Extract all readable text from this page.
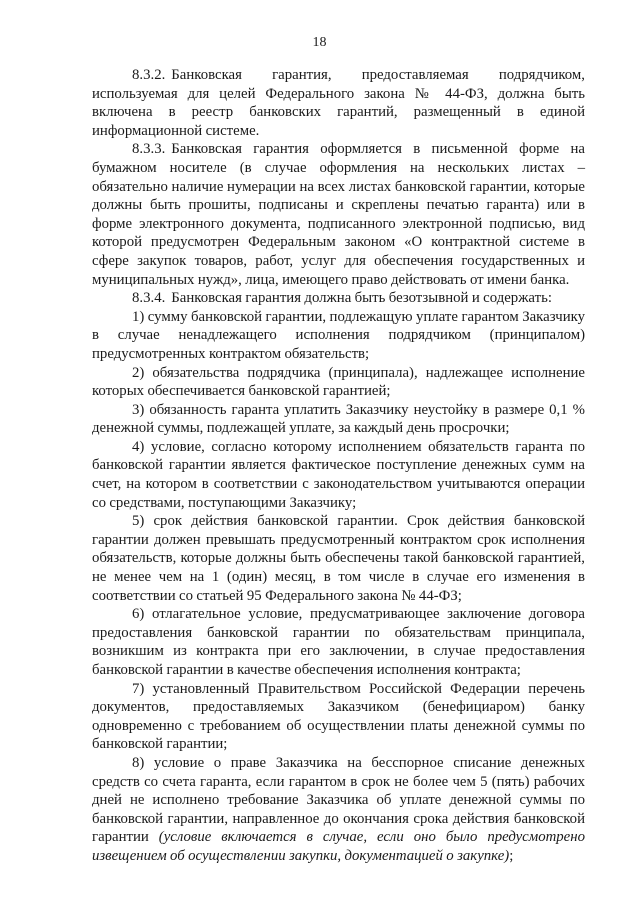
18

8.3.2. Банковская гарантия, предоставляемая подрядчиком, используемая для целей Федерального закона № 44-ФЗ, должна быть включена в реестр банковских гарантий, размещенный в единой информационной системе.

8.3.3. Банковская гарантия оформляется в письменной форме на бумажном носителе (в случае оформления на нескольких листах – обязательно наличие нумерации на всех листах банковской гарантии, которые должны быть прошиты, подписаны и скреплены печатью гаранта) или в форме электронного документа, подписанного электронной подписью, вид которой предусмотрен Федеральным законом «О контрактной системе в сфере закупок товаров, работ, услуг для обеспечения государственных и муниципальных нужд», лица, имеющего право действовать от имени банка.

8.3.4. Банковская гарантия должна быть безотзывной и содержать:

1) сумму банковской гарантии, подлежащую уплате гарантом Заказчику в случае ненадлежащего исполнения подрядчиком (принципалом) предусмотренных контрактом обязательств;

2) обязательства подрядчика (принципала), надлежащее исполнение которых обеспечивается банковской гарантией;

3) обязанность гаранта уплатить Заказчику неустойку в размере 0,1 % денежной суммы, подлежащей уплате, за каждый день просрочки;

4) условие, согласно которому исполнением обязательств гаранта по банковской гарантии является фактическое поступление денежных сумм на счет, на котором в соответствии с законодательством учитываются операции со средствами, поступающими Заказчику;

5) срок действия банковской гарантии. Срок действия банковской гарантии должен превышать предусмотренный контрактом срок исполнения обязательств, которые должны быть обеспечены такой банковской гарантией, не менее чем на 1 (один) месяц, в том числе в случае его изменения в соответствии со статьей 95 Федерального закона № 44-ФЗ;

6) отлагательное условие, предусматривающее заключение договора предоставления банковской гарантии по обязательствам принципала, возникшим из контракта при его заключении, в случае предоставления банковской гарантии в качестве обеспечения исполнения контракта;

7) установленный Правительством Российской Федерации перечень документов, предоставляемых Заказчиком (бенефициаром) банку одновременно с требованием об осуществлении платы денежной суммы по банковской гарантии;

8) условие о праве Заказчика на бесспорное списание денежных средств со счета гаранта, если гарантом в срок не более чем 5 (пять) рабочих дней не исполнено требование Заказчика об уплате денежной суммы по банковской гарантии, направленное до окончания срока действия банковской гарантии (условие включается в случае, если оно было предусмотрено извещением об осуществлении закупки, документацией о закупке);
